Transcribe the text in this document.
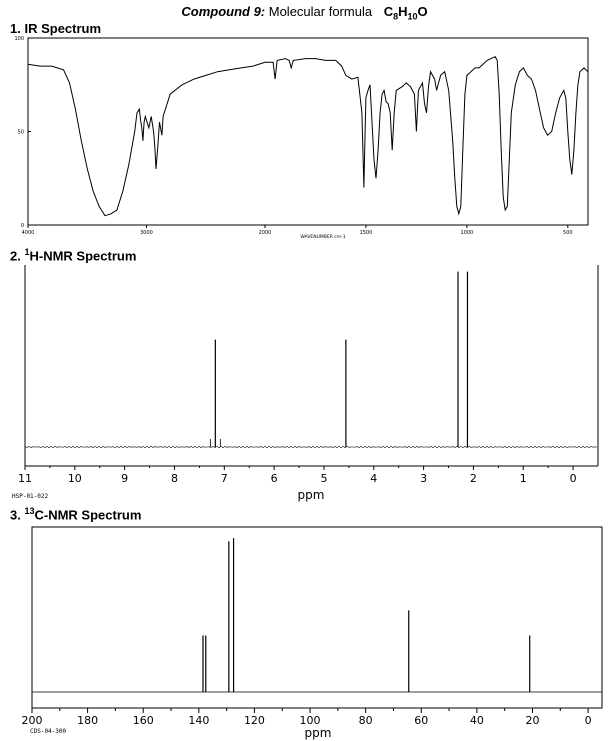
Compound 9: Molecular formula $C_8H_{10}O$
1. IR Spectrum
2. $^1$H-NMR Spectrum
3. $^{13}$C-NMR Spectrum
100
50
0
4000	3000	2000	1500	1000	500
WAVENUMBER cm-1
11	10	9	8	7	6	5	4	3	2	1	0
ppm
HSP-01-022
200	180	160	140	120	100	80	60	40	20	0
ppm
CDS-04-300
